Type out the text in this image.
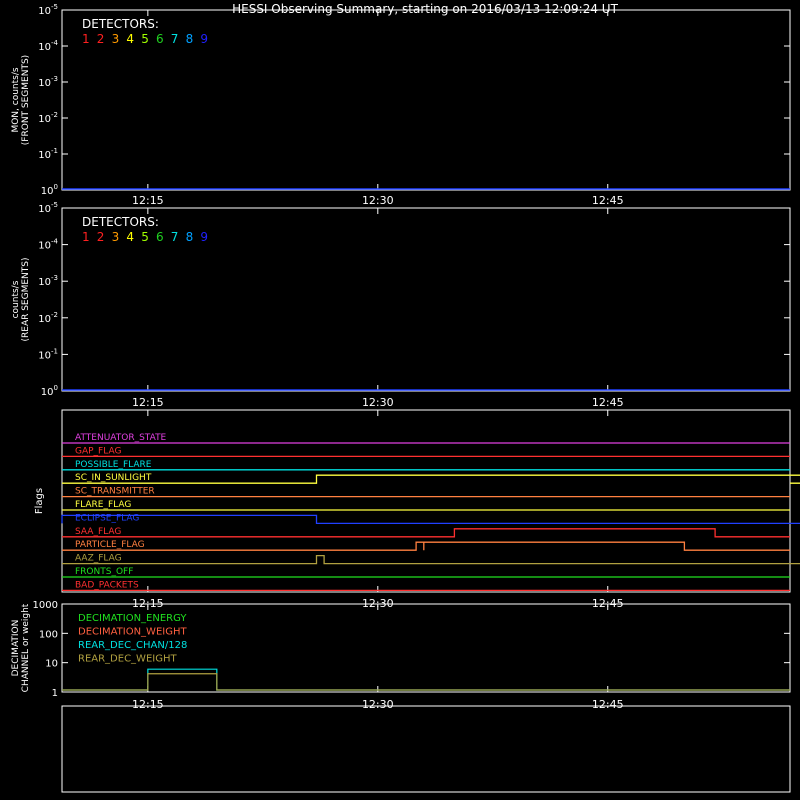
HESSI Observing Summary, starting on 2016/03/13 12:09:24 UT
12:15	12:30	12:45
$10^0$
$10^{-1}$
$10^{-2}$
$10^{-3}$
$10^{-4}$
$10^{-5}$
MON, counts/s (FRONT SEGMENTS)
DETECTORS:
1 2 3 4 5 6 7 8 9
12:15	12:30	12:45
$10^0$
$10^{-1}$
$10^{-2}$
$10^{-3}$
$10^{-4}$
$10^{-5}$
counts/s (REAR SEGMENTS)
DETECTORS:
1 2 3 4 5 6 7 8 9
12:15	12:30	12:45
Flags
ATTENUATOR_STATE
GAP_FLAG
POSSIBLE_FLARE
SC_IN_SUNLIGHT
SC_TRANSMITTER
FLARE_FLAG
ECLIPSE_FLAG
SAA_FLAG
PARTICLE_FLAG
AAZ_FLAG
FRONTS_OFF
BAD_PACKETS
12:15	12:30	12:45
1
10
100
1000
DECIMATION CHANNEL or weight	DECIMATION_ENERGY
DECIMATION_WEIGHT
REAR_DEC_CHAN/128
REAR_DEC_WEIGHT
